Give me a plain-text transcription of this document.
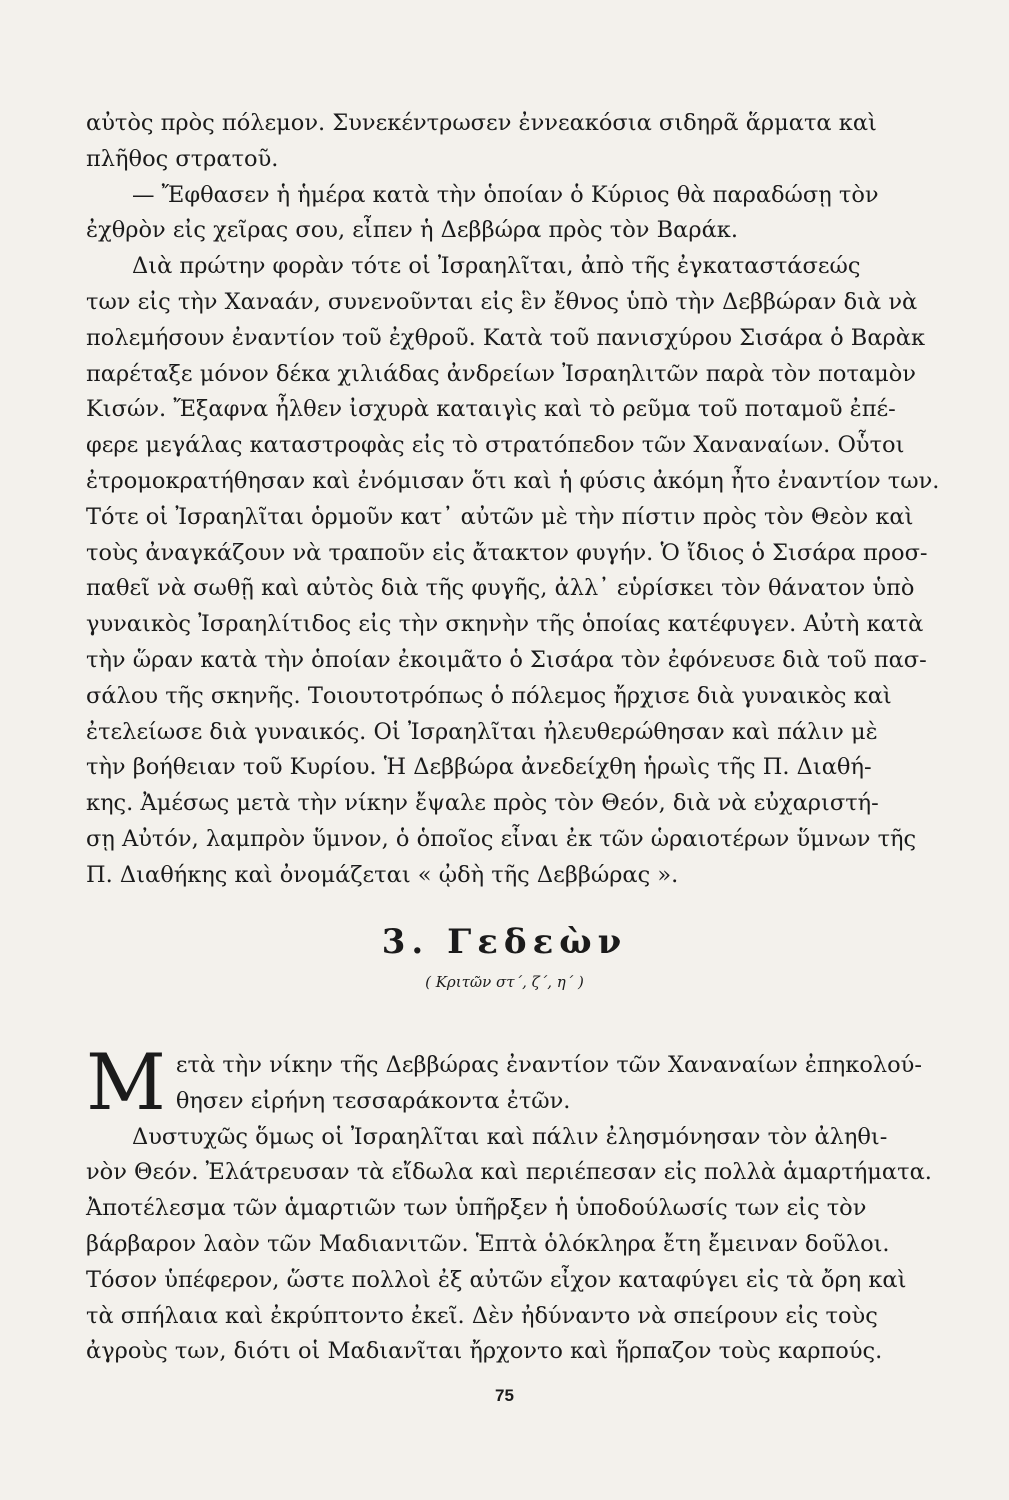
αὐτὸς πρὸς πόλεμον. Συνεκέντρωσεν ἐννεακόσια σιδηρᾶ ἅρματα καὶ
πλῆθος στρατοῦ.
— Ἔφθασεν ἡ ἡμέρα κατὰ τὴν ὁποίαν ὁ Κύριος θὰ παραδώσῃ τὸν
ἐχθρὸν εἰς χεῖρας σου, εἶπεν ἡ Δεββώρα πρὸς τὸν Βαράκ.
Διὰ πρώτην φορὰν τότε οἱ Ἰσραηλῖται, ἀπὸ τῆς ἐγκαταστάσεώς
των εἰς τὴν Χαναάν, συνενοῦνται εἰς ἓν ἔθνος ὑπὸ τὴν Δεββώραν διὰ νὰ
πολεμήσουν ἐναντίον τοῦ ἐχθροῦ. Κατὰ τοῦ πανισχύρου Σισάρα ὁ Βαρὰκ
παρέταξε μόνον δέκα χιλιάδας ἀνδρείων Ἰσραηλιτῶν παρὰ τὸν ποταμὸν
Κισών. Ἔξαφνα ἦλθεν ἰσχυρὰ καταιγὶς καὶ τὸ ρεῦμα τοῦ ποταμοῦ ἐπέ-
φερε μεγάλας καταστροφὰς εἰς τὸ στρατόπεδον τῶν Χαναναίων. Οὗτοι
ἐτρομοκρατήθησαν καὶ ἐνόμισαν ὅτι καὶ ἡ φύσις ἀκόμη ἦτο ἐναντίον των.
Τότε οἱ Ἰσραηλῖται ὁρμοῦν κατ᾽ αὐτῶν μὲ τὴν πίστιν πρὸς τὸν Θεὸν καὶ
τοὺς ἀναγκάζουν νὰ τραποῦν εἰς ἄτακτον φυγήν. Ὁ ἴδιος ὁ Σισάρα προσ-
παθεῖ νὰ σωθῇ καὶ αὐτὸς διὰ τῆς φυγῆς, ἀλλ᾽ εὑρίσκει τὸν θάνατον ὑπὸ
γυναικὸς Ἰσραηλίτιδος εἰς τὴν σκηνὴν τῆς ὁποίας κατέφυγεν. Αὐτὴ κατὰ
τὴν ὥραν κατὰ τὴν ὁποίαν ἐκοιμᾶτο ὁ Σισάρα τὸν ἐφόνευσε διὰ τοῦ πασ-
σάλου τῆς σκηνῆς. Τοιουτοτρόπως ὁ πόλεμος ἤρχισε διὰ γυναικὸς καὶ
ἐτελείωσε διὰ γυναικός. Οἱ Ἰσραηλῖται ἠλευθερώθησαν καὶ πάλιν μὲ
τὴν βοήθειαν τοῦ Κυρίου. Ἡ Δεββώρα ἀνεδείχθη ἡρωὶς τῆς Π. Διαθή-
κης. Ἀμέσως μετὰ τὴν νίκην ἔψαλε πρὸς τὸν Θεόν, διὰ νὰ εὐχαριστή-
σῃ Αὐτόν, λαμπρὸν ὕμνον, ὁ ὁποῖος εἶναι ἐκ τῶν ὡραιοτέρων ὕμνων τῆς
Π. Διαθήκης καὶ ὀνομάζεται « ᾠδὴ τῆς Δεββώρας ».
3. Γεδεὼν
( Κριτῶν στ´, ζ´, η´ )
Μ ετὰ τὴν νίκην τῆς Δεββώρας ἐναντίον τῶν Χαναναίων ἐπηκολού-
θησεν εἰρήνη τεσσαράκοντα ἐτῶν.
Δυστυχῶς ὅμως οἱ Ἰσραηλῖται καὶ πάλιν ἐλησμόνησαν τὸν ἀληθι-
νὸν Θεόν. Ἐλάτρευσαν τὰ εἴδωλα καὶ περιέπεσαν εἰς πολλὰ ἁμαρτήματα.
Ἀποτέλεσμα τῶν ἁμαρτιῶν των ὑπῆρξεν ἡ ὑποδούλωσίς των εἰς τὸν
βάρβαρον λαὸν τῶν Μαδιανιτῶν. Ἑπτὰ ὁλόκληρα ἔτη ἔμειναν δοῦλοι.
Τόσον ὑπέφερον, ὥστε πολλοὶ ἐξ αὐτῶν εἶχον καταφύγει εἰς τὰ ὄρη καὶ
τὰ σπήλαια καὶ ἐκρύπτοντο ἐκεῖ. Δὲν ἠδύναντο νὰ σπείρουν εἰς τοὺς
ἀγροὺς των, διότι οἱ Μαδιανῖται ἤρχοντο καὶ ἥρπαζον τοὺς καρπούς.
75
